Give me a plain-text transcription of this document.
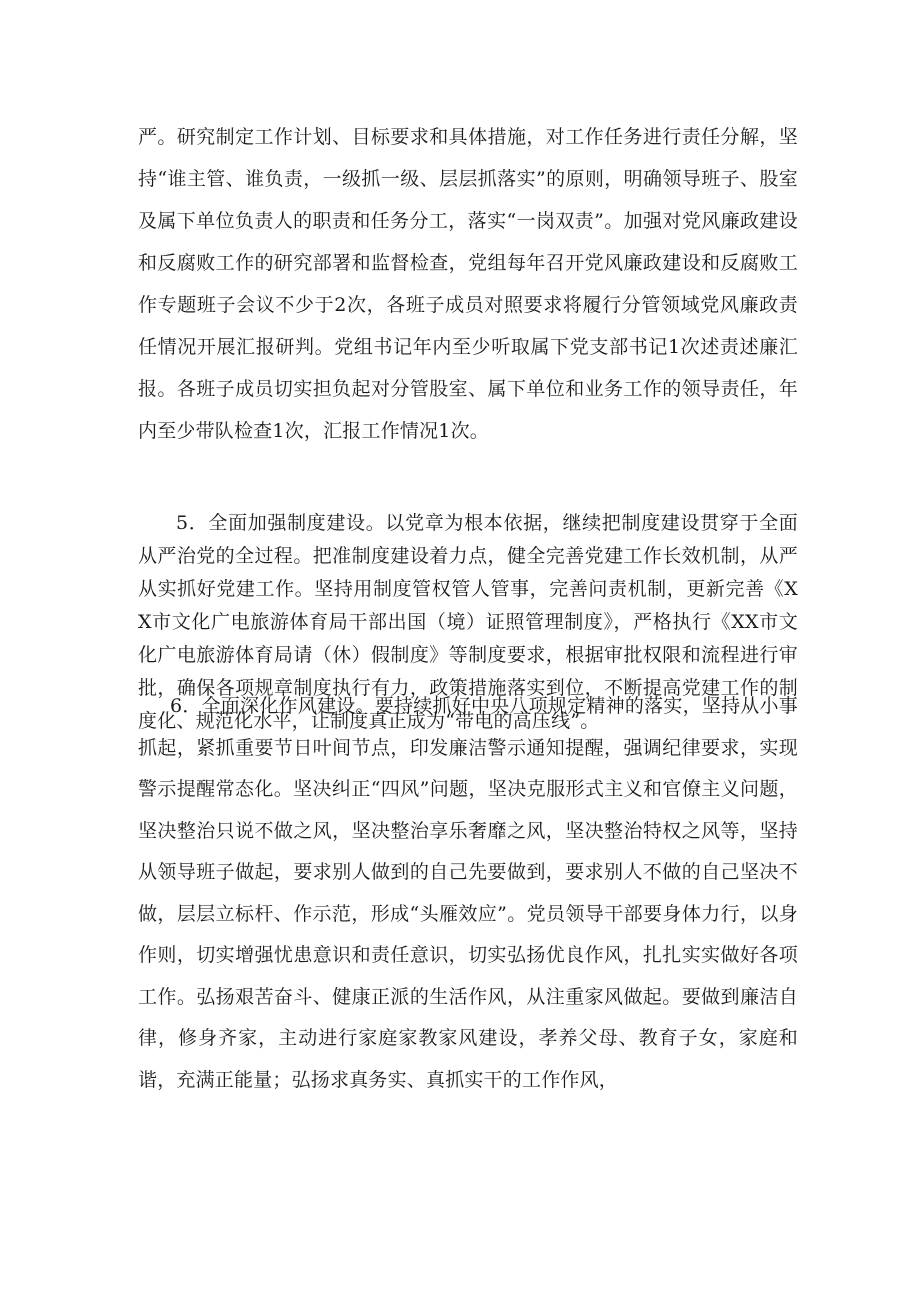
严。研究制定工作计划、目标要求和具体措施，对工作任务进行责任分解，坚持“谁主管、谁负责，一级抓一级、层层抓落实”的原则，明确领导班子、股室及属下单位负责人的职责和任务分工，落实“一岗双责”。加强对党风廉政建设和反腐败工作的研究部署和监督检查，党组每年召开党风廉政建设和反腐败工作专题班子会议不少于2次，各班子成员对照要求将履行分管领域党风廉政责任情况开展汇报研判。党组书记年内至少听取属下党支部书记1次述责述廉汇报。各班子成员切实担负起对分管股室、属下单位和业务工作的领导责任，年内至少带队检查1次，汇报工作情况1次。

5．全面加强制度建设。以党章为根本依据，继续把制度建设贯穿于全面从严治党的全过程。把准制度建设着力点，健全完善党建工作长效机制，从严从实抓好党建工作。坚持用制度管权管人管事，完善问责机制，更新完善《XX市文化广电旅游体育局干部出国（境）证照管理制度》，严格执行《XX市文化广电旅游体育局请（休）假制度》等制度要求，根据审批权限和流程进行审批，确保各项规章制度执行有力，政策措施落实到位，不断提高党建工作的制度化、规范化水平，让制度真正成为“带电的高压线”。

6．全面深化作风建设。要持续抓好中央八项规定精神的落实，坚持从小事抓起，紧抓重要节日叶间节点，印发廉洁警示通知提醒，强调纪律要求，实现警示提醒常态化。坚决纠正“四风”问题，坚决克服形式主义和官僚主义问题，坚决整治只说不做之风，坚决整治享乐奢靡之风，坚决整治特权之风等，坚持从领导班子做起，要求别人做到的自己先要做到，要求别人不做的自己坚决不做，层层立标杆、作示范，形成“头雁效应”。党员领导干部要身体力行，以身作则，切实增强忧患意识和责任意识，切实弘扬优良作风，扎扎实实做好各项工作。弘扬艰苦奋斗、健康正派的生活作风，从注重家风做起。要做到廉洁自律，修身齐家，主动进行家庭家教家风建设，孝养父母、教育子女，家庭和谐，充满正能量；弘扬求真务实、真抓实干的工作作风，
